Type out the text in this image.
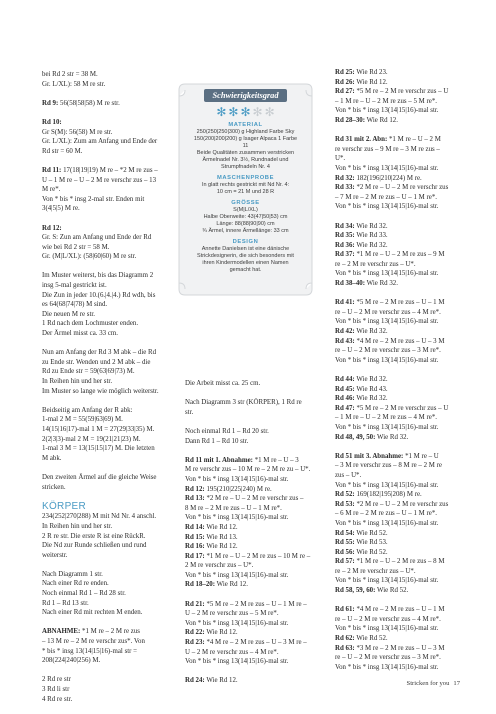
bei Rd 2 str = 38 M.
Gr. L/XL): 58 M re str.
Rd 9: 56(58|58|58) M re str.
Rd 10:
Gr S(M): 56(58) M re str.
Gr. L/XL): Zum am Anfang und Ende der
Rd str = 60 M.
Rd 11: 17(18|19|19) M re – *2 M re zus –
U – 1 M re – U – 2 M re verschr zus – 13
M re*.
Von * bis * insg 2-mal str. Enden mit
3(4|5|5) M re.
Rd 12:
Gr. S: Zun am Anfang und Ende der Rd
wie bei Rd 2 str = 58 M.
Gr. (M|L/XL): (58|60|60) M re str.
Im Muster weiterst, bis das Diagramm 2
insg 5-mal gestrickt ist.
Die Zun in jeder 10.(6.|4.|4.) Rd wdh, bis
es 64(68|74|78) M sind.
Die neuen M re str.
1 Rd nach dem Lochmuster enden.
Der Ärmel misst ca. 33 cm.
Nun am Anfang der Rd 3 M abk – die Rd
zu Ende str. Wenden und 2 M abk – die
Rd zu Ende str = 59(63|69|73) M.
In Reihen hin und her str.
Im Muster so lange wie möglich weiterstr.
Beidseitig am Anfang der R abk:
1-mal 2 M = 55(59|63|69) M.
14(15|16|17)-mal 1 M = 27(29|33|35) M.
2(2|3|3)-mal 2 M = 19(21|21|23) M.
1-mal 3 M = 13(15|15|17) M. Die letzten
M abk.
Den zweiten Ärmel auf die gleiche Weise
stricken.
KÖRPER
234(252|270|288) M mit Nd Nr. 4 anschl.
In Reihen hin und her str.
2 R re str. Die erste R ist eine RückR.
Die Nd zur Runde schließen und rund
weiterstr.
Nach Diagramm 1 str.
Nach einer Rd re enden.
Noch einmal Rd 1 – Rd 28 str.
Rd 1 – Rd 13 str.
Nach einer Rd mit rechten M enden.
ABNAHME: *1 M re – 2 M re zus
– 13 M re – 2 M re verschr zus*. Von
* bis * insg 13(14|15|16)-mal str =
208(224|240|256) M.
2 Rd re str
3 Rd li str
4 Rd re str.
Schwierigkeitsgrad
✻ ✻ ✻ ✻ ✻
MATERIAL
250(250|250|300) g Highland Farbe Sky
150(200|200|200) g Isager Alpaca 1 Farbe
11
Beide Qualitäten zusammen verstricken
Ärmelnadel Nr. 3½, Rundnadel und
Strumpfnadeln Nr. 4
MASCHENPROBE
In glatt rechts gestrickt mit Nd Nr. 4:
10 cm = 21 M und 28 R
GRÖSSE
S(M|L/XL)
Halbe Oberweite: 43(47|50|53) cm
Länge: 88(88|90|90) cm
¾ Ärmel, innere Ärmellänge: 33 cm
DESIGN
Annette Danielsen ist eine dänische
Strickdesignerin, die sich besonders mit
ihren Kindermodellen einen Namen
gemacht hat.
Die Arbeit misst ca. 25 cm.
Nach Diagramm 3 str (KÖRPER), 1 Rd re
str.
Noch einmal Rd 1 – Rd 20 str.
Dann Rd 1 – Rd 10 str.
Rd 11 mit 1. Abnahme: *1 M re – U – 3
M re verschr zus – 10 M re – 2 M re zu – U*.
Von * bis * insg 13(14|15|16)-mal str.
Rd 12: 195(210|225|240) M re.
Rd 13: *2 M re – U – 2 M re verschr zus –
8 M re – 2 M re zus – U – 1 M re*.
Von * bis * insg 13(14|15|16)-mal str.
Rd 14: Wie Rd 12.
Rd 15: Wie Rd 13.
Rd 16: Wie Rd 12.
Rd 17: *1 M re – U – 2 M re zus – 10 M re –
2 M re verschr zus – U*.
Von * bis * insg 13(14|15|16)-mal str.
Rd 18–20: Wie Rd 12.
Rd 21: *5 M re – 2 M re zus – U – 1 M re –
U – 2 M re verschr zus – 5 M re*.
Von * bis * insg 13(14|15|16)-mal str.
Rd 22: Wie Rd 12.
Rd 23: *4 M re – 2 M re zus – U – 3 M re –
U – 2 M re verschr zus – 4 M re*.
Von * bis * insg 13(14|15|16)-mal str.
Rd 24: Wie Rd 12.
Rd 25: Wie Rd 23.
Rd 26: Wie Rd 12.
Rd 27: *5 M re – 2 M re verschr zus – U
– 1 M re – U – 2 M re zus – 5 M re*.
Von * bis * insg 13(14|15|16)-mal str.
Rd 28–30: Wie Rd 12.
Rd 31 mit 2. Abn: *1 M re – U – 2 M
re verschr zus – 9 M re – 3 M re zus –
U*.
Von * bis * insg 13(14|15|16)-mal str.
Rd 32: 182(196|210|224) M re.
Rd 33: *2 M re – U – 2 M re verschr zus
– 7 M re – 2 M re zus – U – 1 M re*.
Von * bis * insg 13(14|15|16)-mal str.
Rd 34: Wie Rd 32.
Rd 35: Wie Rd 33.
Rd 36: Wie Rd 32.
Rd 37: *1 M re – U – 2 M re zus – 9 M
re – 2 M re verschr zus – U*.
Von * bis * insg 13(14|15|16)-mal str.
Rd 38–40: Wie Rd 32.
Rd 41: *5 M re – 2 M re zus – U – 1 M
re – U – 2 M re verschr zus – 4 M re*.
Von * bis * insg 13(14|15|16)-mal str.
Rd 42: Wie Rd 32.
Rd 43: *4 M re – 2 M re zus – U – 3 M
re – U – 2 M re verschr zus – 3 M re*.
Von * bis * insg 13(14|15|16)-mal str.
Rd 44: Wie Rd 32.
Rd 45: Wie Rd 43.
Rd 46: Wie Rd 32.
Rd 47: *5 M re – 2 M re verschr zus – U
– 1 M re – U – 2 M re zus – 4 M re*.
Von * bis * insg 13(14|15|16)-mal str.
Rd 48, 49, 50: Wie Rd 32.
Rd 51 mit 3. Abnahme: *1 M re – U
– 3 M re verschr zus – 8 M re – 2 M re
zus – U*.
Von * bis * insg 13(14|15|16)-mal str.
Rd 52: 169(182|195|208) M re.
Rd 53: *2 M re – U – 2 M re verschr zus
– 6 M re – 2 M re zus – U – 1 M re*.
Von * bis * insg 13(14|15|16)-mal str.
Rd 54: Wie Rd 52.
Rd 55: Wie Rd 53.
Rd 56: Wie Rd 52.
Rd 57: *1 M re – U – 2 M re zus – 8 M
re – 2 M re verschr zus – U*.
Von * bis * insg 13(14|15|16)-mal str.
Rd 58, 59, 60: Wie Rd 52.
Rd 61: *4 M re – 2 M re zus – U – 1 M
re – U – 2 M re verschr zus – 4 M re*.
Von * bis * insg 13(14|15|16)-mal str.
Rd 62: Wie Rd 52.
Rd 63: *3 M re – 2 M re zus – U – 3 M
re – U – 2 M re verschr zus – 3 M re*.
Von * bis * insg 13(14|15|16)-mal str.
Stricken for you 17
